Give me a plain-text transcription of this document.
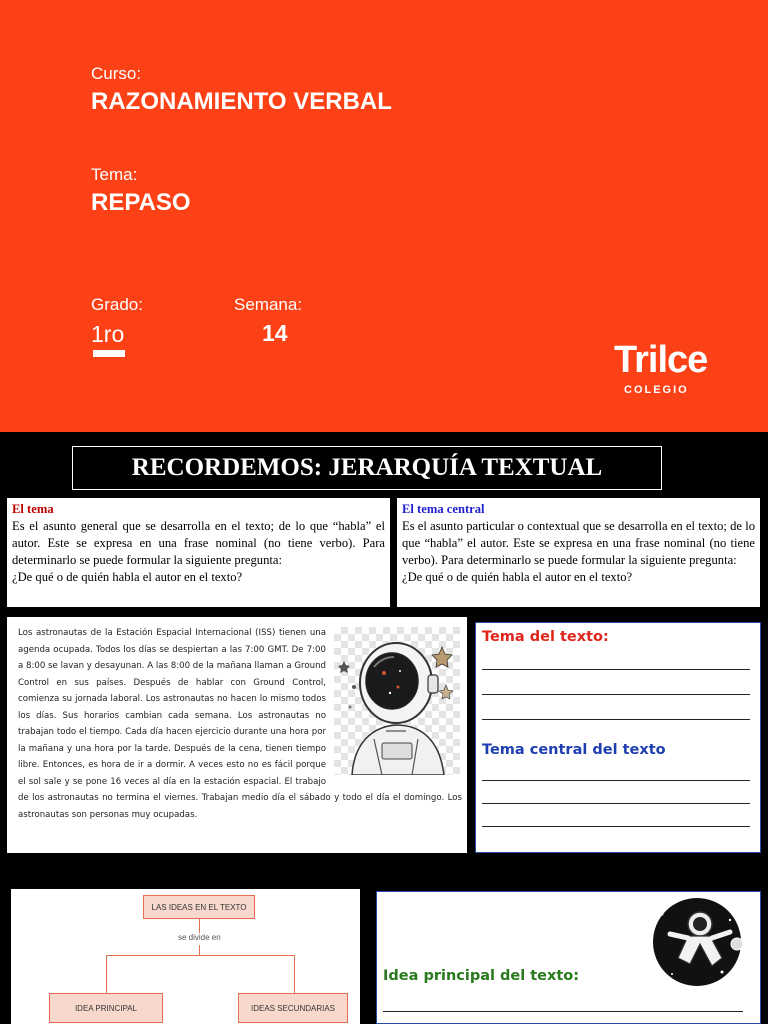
Curso:
RAZONAMIENTO VERBAL
Tema:
REPASO
Grado:
1ro
Semana:
14
Trilce
COLEGIO
RECORDEMOS: JERARQUÍA TEXTUAL
El tema
Es el asunto general que se desarrolla en el texto; de lo que “habla” el autor. Este se expresa en una frase nominal (no tiene verbo). Para determinarlo se puede formular la siguiente pregunta:
¿De qué o de quién habla el autor en el texto?
El tema central
Es el asunto particular o contextual que se desarrolla en el texto; de lo que “habla” el autor. Este se expresa en una frase nominal (no tiene verbo). Para determinarlo se puede formular la siguiente pregunta:
¿De qué o de quién habla el autor en el texto?
Los astronautas de la Estación Espacial Internacional (ISS) tienen una agenda ocupada. Todos los días se despiertan a las 7:00 GMT. De 7:00 a 8:00 se lavan y desayunan. A las 8:00 de la mañana llaman a Ground Control en sus países. Después de hablar con Ground Control, comienza su jornada laboral. Los astronautas no hacen lo mismo todos los días. Sus horarios cambian cada semana. Los astronautas no trabajan todo el tiempo. Cada día hacen ejercicio durante una hora por la mañana y una hora por la tarde. Después de la cena, tienen tiempo libre. Entonces, es hora de ir a dormir. A veces esto no es fácil porque el sol sale y se pone 16 veces al día en la estación espacial. El trabajo de los astronautas no termina el viernes. Trabajan medio día el sábado y todo el día el domingo. Los astronautas son personas muy ocupadas.
Tema del texto:
Tema central del texto
LAS IDEAS EN EL TEXTO
se divide en
IDEA PRINCIPAL	IDEAS SECUNDARIAS
Idea principal del texto:
